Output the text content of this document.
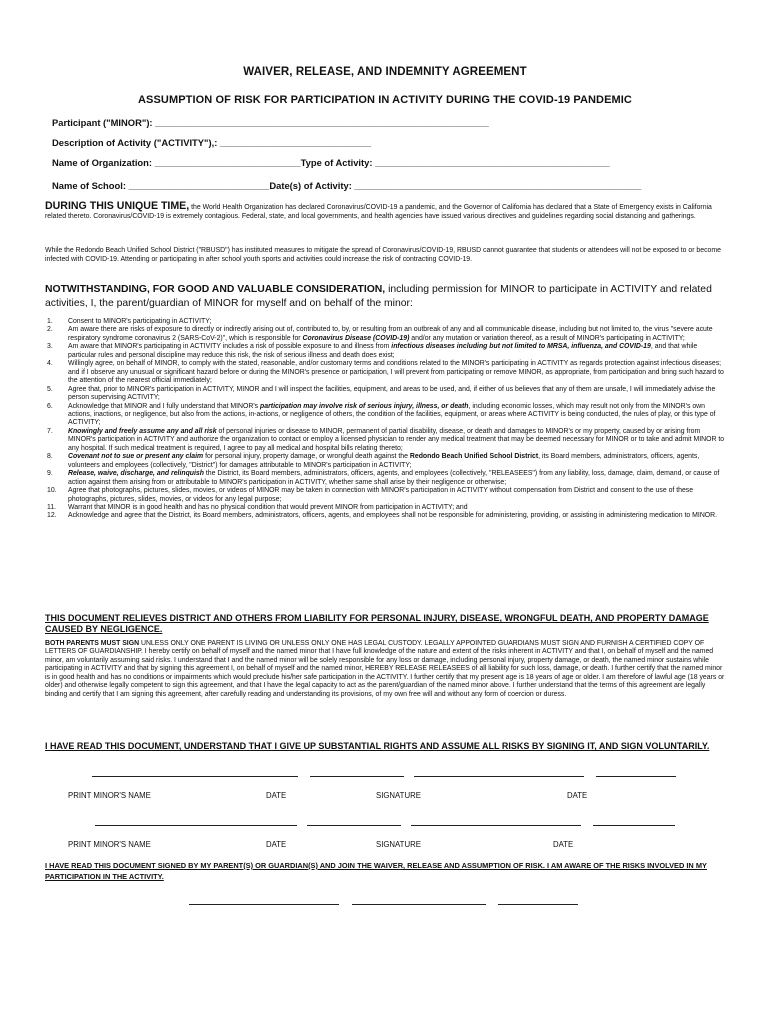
WAIVER, RELEASE, AND INDEMNITY AGREEMENT

ASSUMPTION OF RISK FOR PARTICIPATION IN ACTIVITY DURING THE COVID-19 PANDEMIC

Participant ("MINOR"): ________________________________________________________________

Description of Activity ("ACTIVITY"),: _____________________________

Name of Organization: ____________________________Type of Activity: _____________________________________________

Name of School: ___________________________Date(s) of Activity: _______________________________________________________

DURING THIS UNIQUE TIME, the World Health Organization has declared Coronavirus/COVID-19 a pandemic, and the Governor of California has declared that a State of Emergency exists in California related thereto. Coronavirus/COVID-19 is extremely contagious. Federal, state, and local governments, and health agencies have issued various directives and guidelines regarding social distancing and gatherings.

While the Redondo Beach Unified School District ("RBUSD") has instituted measures to mitigate the spread of Coronavirus/COVID-19, RBUSD cannot guarantee that students or attendees will not be exposed to or become infected with COVID-19. Attending or participating in after school youth sports and activities could increase the risk of contracting COVID-19.

NOTWITHSTANDING, FOR GOOD AND VALUABLE CONSIDERATION, including permission for MINOR to participate in ACTIVITY and related activities, I, the parent/guardian of MINOR for myself and on behalf of the minor:

1.	Consent to MINOR's participating in ACTIVITY;
2.	Am aware there are risks of exposure to directly or indirectly arising out of, contributed to, by, or resulting from an outbreak of any and all communicable disease, including but not limited to, the virus "severe acute respiratory syndrome coronavirus 2 (SARS-CoV-2)", which is responsible for Coronavirus Disease (COVID-19) and/or any mutation or variation thereof, as a result of MINOR's participating in ACTIVITY;
3.	Am aware that MINOR's participating in ACTIVITY includes a risk of possible exposure to and illness from infectious diseases including but not limited to MRSA, influenza, and COVID-19, and that while particular rules and personal discipline may reduce this risk, the risk of serious illness and death does exist;
4.	Willingly agree, on behalf of MINOR, to comply with the stated, reasonable, and/or customary terms and conditions related to the MINOR's participating in ACTIVITY as regards protection against infectious diseases; and if I observe any unusual or significant hazard before or during the MINOR's presence or participation, I will prevent from participating or remove MINOR, as appropriate, from participation and bring such hazard to the attention of the nearest official immediately;
5.	Agree that, prior to MINOR's participation in ACTIVITY, MINOR and I will inspect the facilities, equipment, and areas to be used, and, if either of us believes that any of them are unsafe, I will immediately advise the person supervising ACTIVITY;
6.	Acknowledge that MINOR and I fully understand that MINOR's participation may involve risk of serious injury, illness, or death, including economic losses, which may result not only from the MINOR's own actions, inactions, or negligence, but also from the actions, in-actions, or negligence of others, the condition of the facilities, equipment, or areas where ACTIVITY is being conducted, the rules of play, or this type of ACTIVITY;
7.	Knowingly and freely assume any and all risk of personal injuries or disease to MINOR, permanent of partial disability, disease, or death and damages to MINOR's or my property, caused by or arising from MINOR's participation in ACTIVITY and authorize the organization to contact or employ a licensed physician to render any medical treatment that may be deemed necessary for MINOR or to take and admit MINOR to any hospital. If such medical treatment is required, I agree to pay all medical and hospital bills relating thereto;
8.	Covenant not to sue or present any claim for personal injury, property damage, or wrongful death against the Redondo Beach Unified School District, its Board members, administrators, officers, agents, volunteers and employees (collectively, "District") for damages attributable to MINOR's participation in ACTIVITY;
9.	Release, waive, discharge, and relinquish the District, its Board members, administrators, officers, agents, and employees (collectively, "RELEASEES") from any liability, loss, damage, claim, demand, or cause of action against them arising from or attributable to MINOR's participation in ACTIVITY, whether same shall arise by their negligence or otherwise;
10.	Agree that photographs, pictures, slides, movies, or videos of MINOR may be taken in connection with MINOR's participation in ACTIVITY without compensation from District and consent to the use of these photographs, pictures, slides, movies, or videos for any legal purpose;
11.	Warrant that MINOR is in good health and has no physical condition that would prevent MINOR from participation in ACTIVITY; and
12.	Acknowledge and agree that the District, its Board members, administrators, officers, agents, and employees shall not be responsible for administering, providing, or assisting in administering medication to MINOR.

THIS DOCUMENT RELIEVES DISTRICT AND OTHERS FROM LIABILITY FOR PERSONAL INJURY, DISEASE, WRONGFUL DEATH, AND PROPERTY DAMAGE CAUSED BY NEGLIGENCE.

BOTH PARENTS MUST SIGN UNLESS ONLY ONE PARENT IS LIVING OR UNLESS ONLY ONE HAS LEGAL CUSTODY. LEGALLY APPOINTED GUARDIANS MUST SIGN AND FURNISH A CERTIFIED COPY OF LETTERS OF GUARDIANSHIP. I hereby certify on behalf of myself and the named minor that I have full knowledge of the nature and extent of the risks inherent in ACTIVITY and that I, on behalf of myself and the named minor, am voluntarily assuming said risks. I understand that I and the named minor will be solely responsible for any loss or damage, including personal injury, property damage, or death, the named minor sustains while participating in ACTIVITY and that by signing this agreement I, on behalf of myself and the named minor, HEREBY RELEASE RELEASEES of all liability for such loss, damage, or death. I further certify that the named minor is in good health and has no conditions or impairments which would preclude his/her safe participation in the ACTIVITY. I further certify that my present age is 18 years of age or older. I am therefore of lawful age (18 years or older) and otherwise legally competent to sign this agreement, and that I have the legal capacity to act as the parent/guardian of the named minor above. I further understand that the terms of this agreement are legally binding and certify that I am signing this agreement, after carefully reading and understanding its provisions, of my own free will and without any form of coercion or duress.

I HAVE READ THIS DOCUMENT, UNDERSTAND THAT I GIVE UP SUBSTANTIAL RIGHTS AND ASSUME ALL RISKS BY SIGNING IT, AND SIGN VOLUNTARILY.

PRINT MINOR'S NAME	DATE	SIGNATURE	DATE
PRINT MINOR'S NAME	DATE	SIGNATURE	DATE

I HAVE READ THIS DOCUMENT SIGNED BY MY PARENT(S) OR GUARDIAN(S) AND JOIN THE WAIVER, RELEASE AND ASSUMPTION OF RISK. I AM AWARE OF THE RISKS INVOLVED IN MY PARTICIPATION IN THE ACTIVITY.
